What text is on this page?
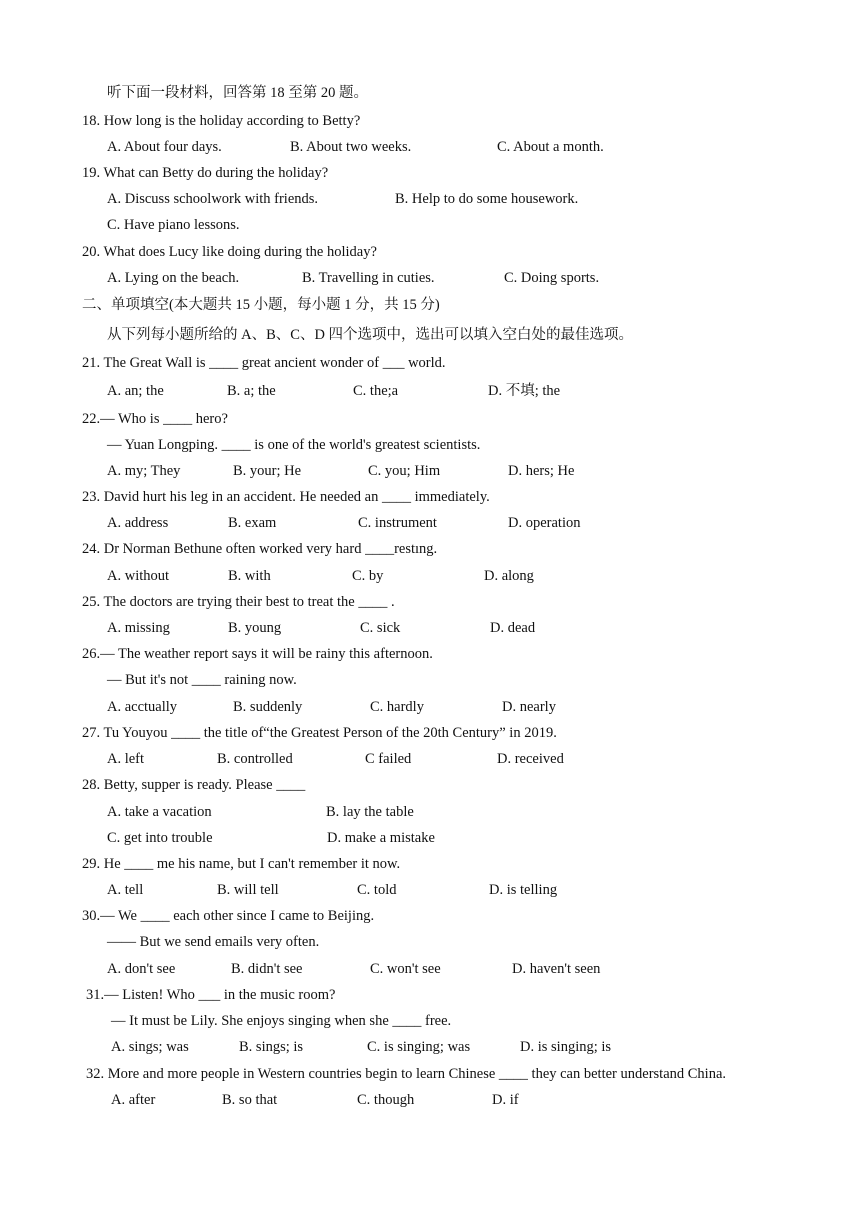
听下面一段材料，回答第 18 至第 20 题。
18. How long is the holiday according to Betty?
A. About four days.	B. About two weeks.	C. About a month.
19. What can Betty do during the holiday?
A. Discuss schoolwork with friends.	B. Help to do some housework.
C. Have piano lessons.
20. What does Lucy like doing during the holiday?
A. Lying on the beach.	B. Travelling in cuties.	C. Doing sports.
二、单项填空(本大题共 15 小题，每小题 1 分，共 15 分)
从下列每小题所给的 A、B、C、D 四个选项中，选出可以填入空白处的最佳选项。
21. The Great Wall is ____ great ancient wonder of ___ world.
A. an; the	B. a; the	C. the;a	D. 不填; the
22.— Who is ____ hero?
— Yuan Longping. ____ is one of the world's greatest scientists.
A. my; They	B. your; He	C. you; Him	D. hers; He
23. David hurt his leg in an accident. He needed an ____ immediately.
A. address	B. exam	C. instrument	D. operation
24. Dr Norman Bethune often worked very hard ____restıng.
A. without	B. with	C. by	D. along
25. The doctors are trying their best to treat the ____ .
A. missing	B. young	C. sick	D. dead
26.— The weather report says it will be rainy this afternoon.
— But it's not ____ raining now.
A. acctually	B. suddenly	C. hardly	D. nearly
27. Tu Youyou ____ the title of“the Greatest Person of the 20th Century” in 2019.
A. left	B. controlled	C failed	D. received
28. Betty, supper is ready. Please ____
A. take a vacation	B. lay the table
C. get into trouble	D. make a mistake
29. He ____ me his name, but I can't remember it now.
A. tell	B. will tell	C. told	D. is telling
30.— We ____ each other since I came to Beijing.
—— But we send emails very often.
A. don't see	B. didn't see	C. won't see	D. haven't seen
31.— Listen! Who ___ in the music room?
— It must be Lily. She enjoys singing when she ____ free.
A. sings; was	B. sings; is	C. is singing; was	D. is singing; is
32. More and more people in Western countries begin to learn Chinese ____ they can better understand China.
A. after	B. so that	C. though	D. if
